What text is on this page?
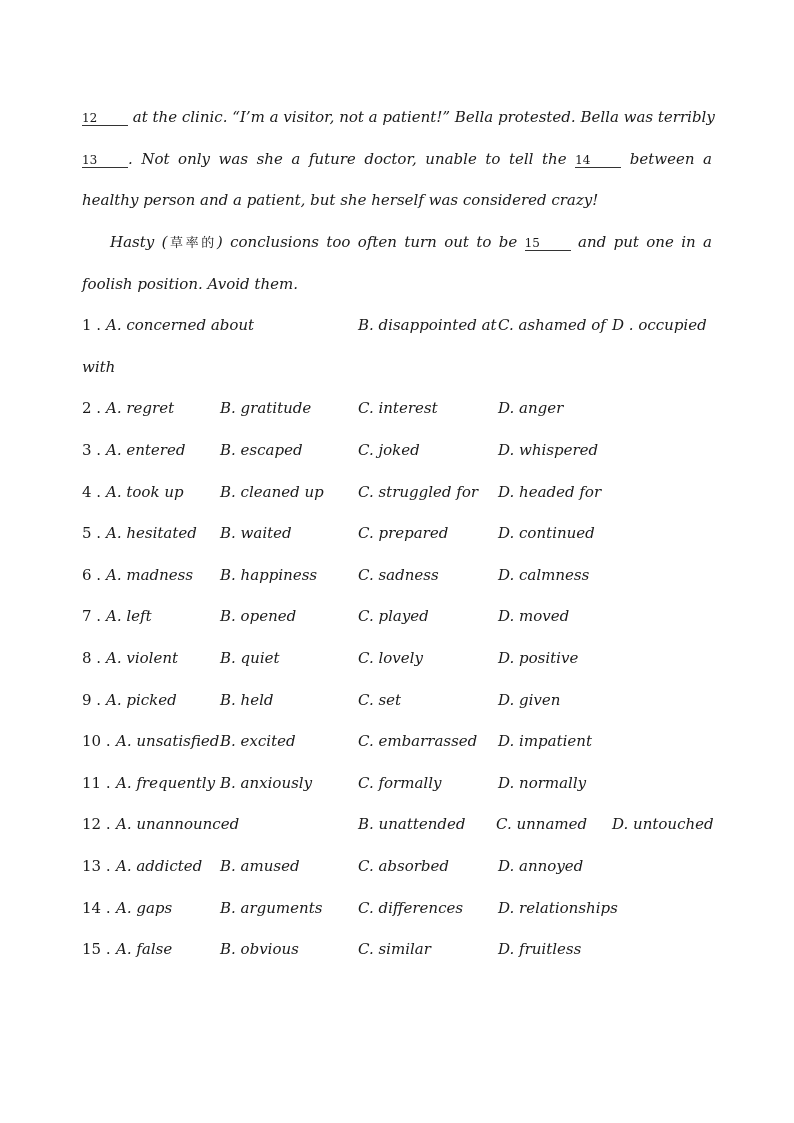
12 at the clinic. “I’m a visitor, not a patient!” Bella protested. Bella was terribly
13 . Not only was she a future doctor, unable to tell the 14	between a
healthy person and a patient, but she herself was considered crazy!
Hasty (草率的) conclusions too often turn out to be 15	and put one in a
foolish position. Avoid them.
1 . A. concerned about	B. disappointed at C. ashamed of D . occupied
with
2 . A. regret	B. gratitude	C. interest	D. anger
3 . A. entered B. escaped	C. joked	D. whispered
4 . A. took up B. cleaned up C. struggled for D. headed for
5 . A. hesitated B. waited	C. prepared	D. continued
6 . A. madness B. happiness	C. sadness	D. calmness
7 . A. left	B. opened	C. played	D. moved
8 . A. violent	B. quiet	C. lovely	D. positive
9 . A. picked	B. held	C. set	D. given
10 . A. unsatisfied B. excited	C. embarrassed D. impatient
11 . A. frequently B. anxiously	C. formally	D. normally
12 . A. unannounced	B. unattended C. unnamed D. untouched
13 . A. addicted B. amused	C. absorbed	D. annoyed
14 . A. gaps	B. arguments C. differences D. relationships
15 . A. false	B. obvious	C. similar	D. fruitless
